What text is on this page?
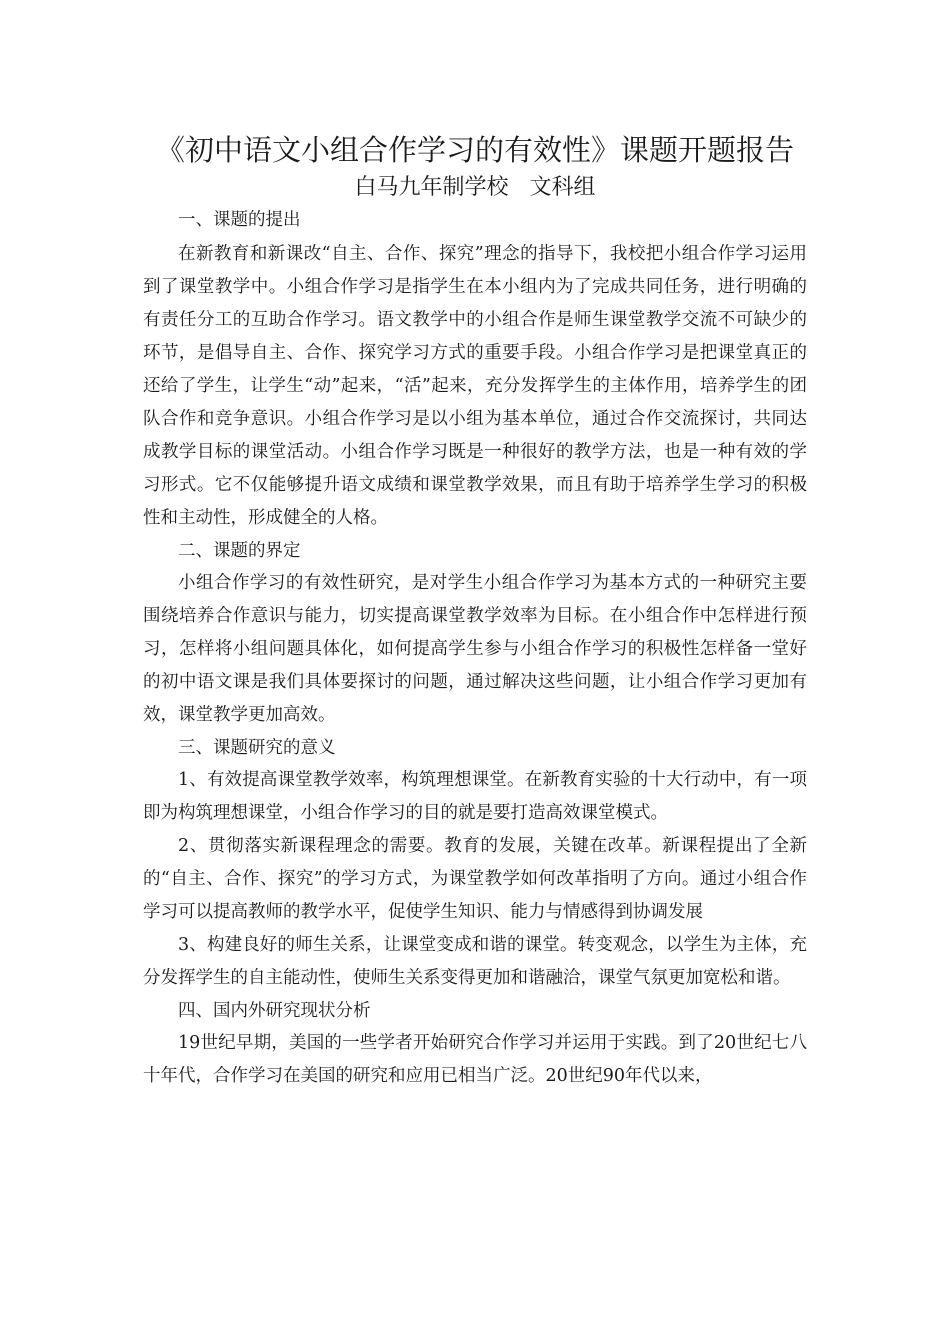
《初中语文小组合作学习的有效性》课题开题报告
白马九年制学校   文科组

一、课题的提出

在新教育和新课改“自主、合作、探究”理念的指导下，我校把小组合作学习运用到了课堂教学中。小组合作学习是指学生在本小组内为了完成共同任务，进行明确的有责任分工的互助合作学习。语文教学中的小组合作是师生课堂教学交流不可缺少的环节，是倡导自主、合作、探究学习方式的重要手段。小组合作学习是把课堂真正的还给了学生，让学生“动”起来，“活”起来，充分发挥学生的主体作用，培养学生的团队合作和竞争意识。小组合作学习是以小组为基本单位，通过合作交流探讨，共同达成教学目标的课堂活动。小组合作学习既是一种很好的教学方法，也是一种有效的学习形式。它不仅能够提升语文成绩和课堂教学效果，而且有助于培养学生学习的积极性和主动性，形成健全的人格。

二、课题的界定

小组合作学习的有效性研究，是对学生小组合作学习为基本方式的一种研究主要围绕培养合作意识与能力，切实提高课堂教学效率为目标。在小组合作中怎样进行预习，怎样将小组问题具体化，如何提高学生参与小组合作学习的积极性怎样备一堂好的初中语文课是我们具体要探讨的问题，通过解决这些问题，让小组合作学习更加有效，课堂教学更加高效。

三、课题研究的意义

1、有效提高课堂教学效率，构筑理想课堂。在新教育实验的十大行动中，有一项即为构筑理想课堂，小组合作学习的目的就是要打造高效课堂模式。

2、贯彻落实新课程理念的需要。教育的发展，关键在改革。新课程提出了全新的“自主、合作、探究”的学习方式，为课堂教学如何改革指明了方向。通过小组合作学习可以提高教师的教学水平，促使学生知识、能力与情感得到协调发展

3、构建良好的师生关系，让课堂变成和谐的课堂。转变观念，以学生为主体，充分发挥学生的自主能动性，使师生关系变得更加和谐融洽，课堂气氛更加宽松和谐。

四、国内外研究现状分析

19世纪早期，美国的一些学者开始研究合作学习并运用于实践。到了20世纪七八十年代，合作学习在美国的研究和应用已相当广泛。20世纪90年代以来，
